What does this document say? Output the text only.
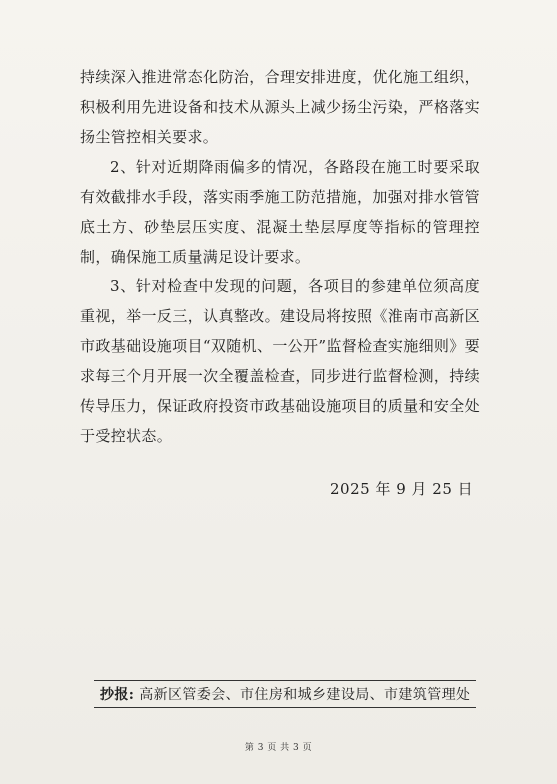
持续深入推进常态化防治，合理安排进度，优化施工组织，积极利用先进设备和技术从源头上减少扬尘污染，严格落实扬尘管控相关要求。

2、针对近期降雨偏多的情况，各路段在施工时要采取有效截排水手段，落实雨季施工防范措施，加强对排水管管底土方、砂垫层压实度、混凝土垫层厚度等指标的管理控制，确保施工质量满足设计要求。

3、针对检查中发现的问题，各项目的参建单位须高度重视，举一反三，认真整改。建设局将按照《淮南市高新区市政基础设施项目“双随机、一公开”监督检查实施细则》要求每三个月开展一次全覆盖检查，同步进行监督检测，持续传导压力，保证政府投资市政基础设施项目的质量和安全处于受控状态。

2025 年 9 月 25 日
抄报: 高新区管委会、市住房和城乡建设局、市建筑管理处
第 3 页 共 3 页
